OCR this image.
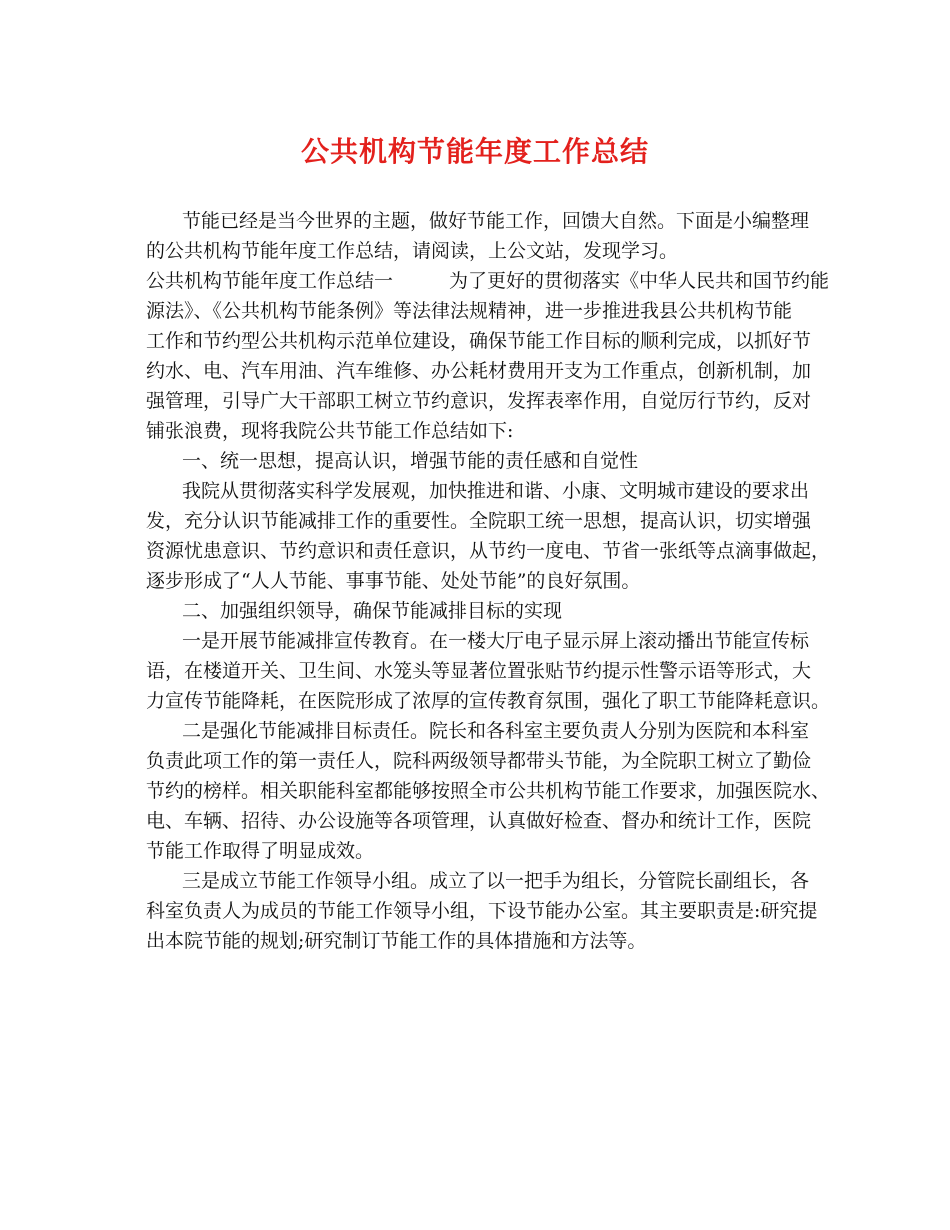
公共机构节能年度工作总结
节能已经是当今世界的主题，做好节能工作，回馈大自然。下面是小编整理
的公共机构节能年度工作总结，请阅读，上公文站，发现学习。
公共机构节能年度工作总结一	为了更好的贯彻落实《中华人民共和国节约能
源法》、《公共机构节能条例》等法律法规精神，进一步推进我县公共机构节能
工作和节约型公共机构示范单位建设，确保节能工作目标的顺利完成，以抓好节
约水、电、汽车用油、汽车维修、办公耗材费用开支为工作重点，创新机制，加
强管理，引导广大干部职工树立节约意识，发挥表率作用，自觉厉行节约，反对
铺张浪费，现将我院公共节能工作总结如下:
一、统一思想，提高认识，增强节能的责任感和自觉性
我院从贯彻落实科学发展观，加快推进和谐、小康、文明城市建设的要求出
发，充分认识节能减排工作的重要性。全院职工统一思想，提高认识，切实增强
资源忧患意识、节约意识和责任意识，从节约一度电、节省一张纸等点滴事做起，
逐步形成了“人人节能、事事节能、处处节能”的良好氛围。
二、加强组织领导，确保节能减排目标的实现
一是开展节能减排宣传教育。在一楼大厅电子显示屏上滚动播出节能宣传标
语，在楼道开关、卫生间、水笼头等显著位置张贴节约提示性警示语等形式，大
力宣传节能降耗，在医院形成了浓厚的宣传教育氛围，强化了职工节能降耗意识。
二是强化节能减排目标责任。院长和各科室主要负责人分别为医院和本科室
负责此项工作的第一责任人，院科两级领导都带头节能，为全院职工树立了勤俭
节约的榜样。相关职能科室都能够按照全市公共机构节能工作要求，加强医院水、
电、车辆、招待、办公设施等各项管理，认真做好检查、督办和统计工作，医院
节能工作取得了明显成效。
三是成立节能工作领导小组。成立了以一把手为组长，分管院长副组长，各
科室负责人为成员的节能工作领导小组，下设节能办公室。其主要职责是:研究提
出本院节能的规划;研究制订节能工作的具体措施和方法等。
